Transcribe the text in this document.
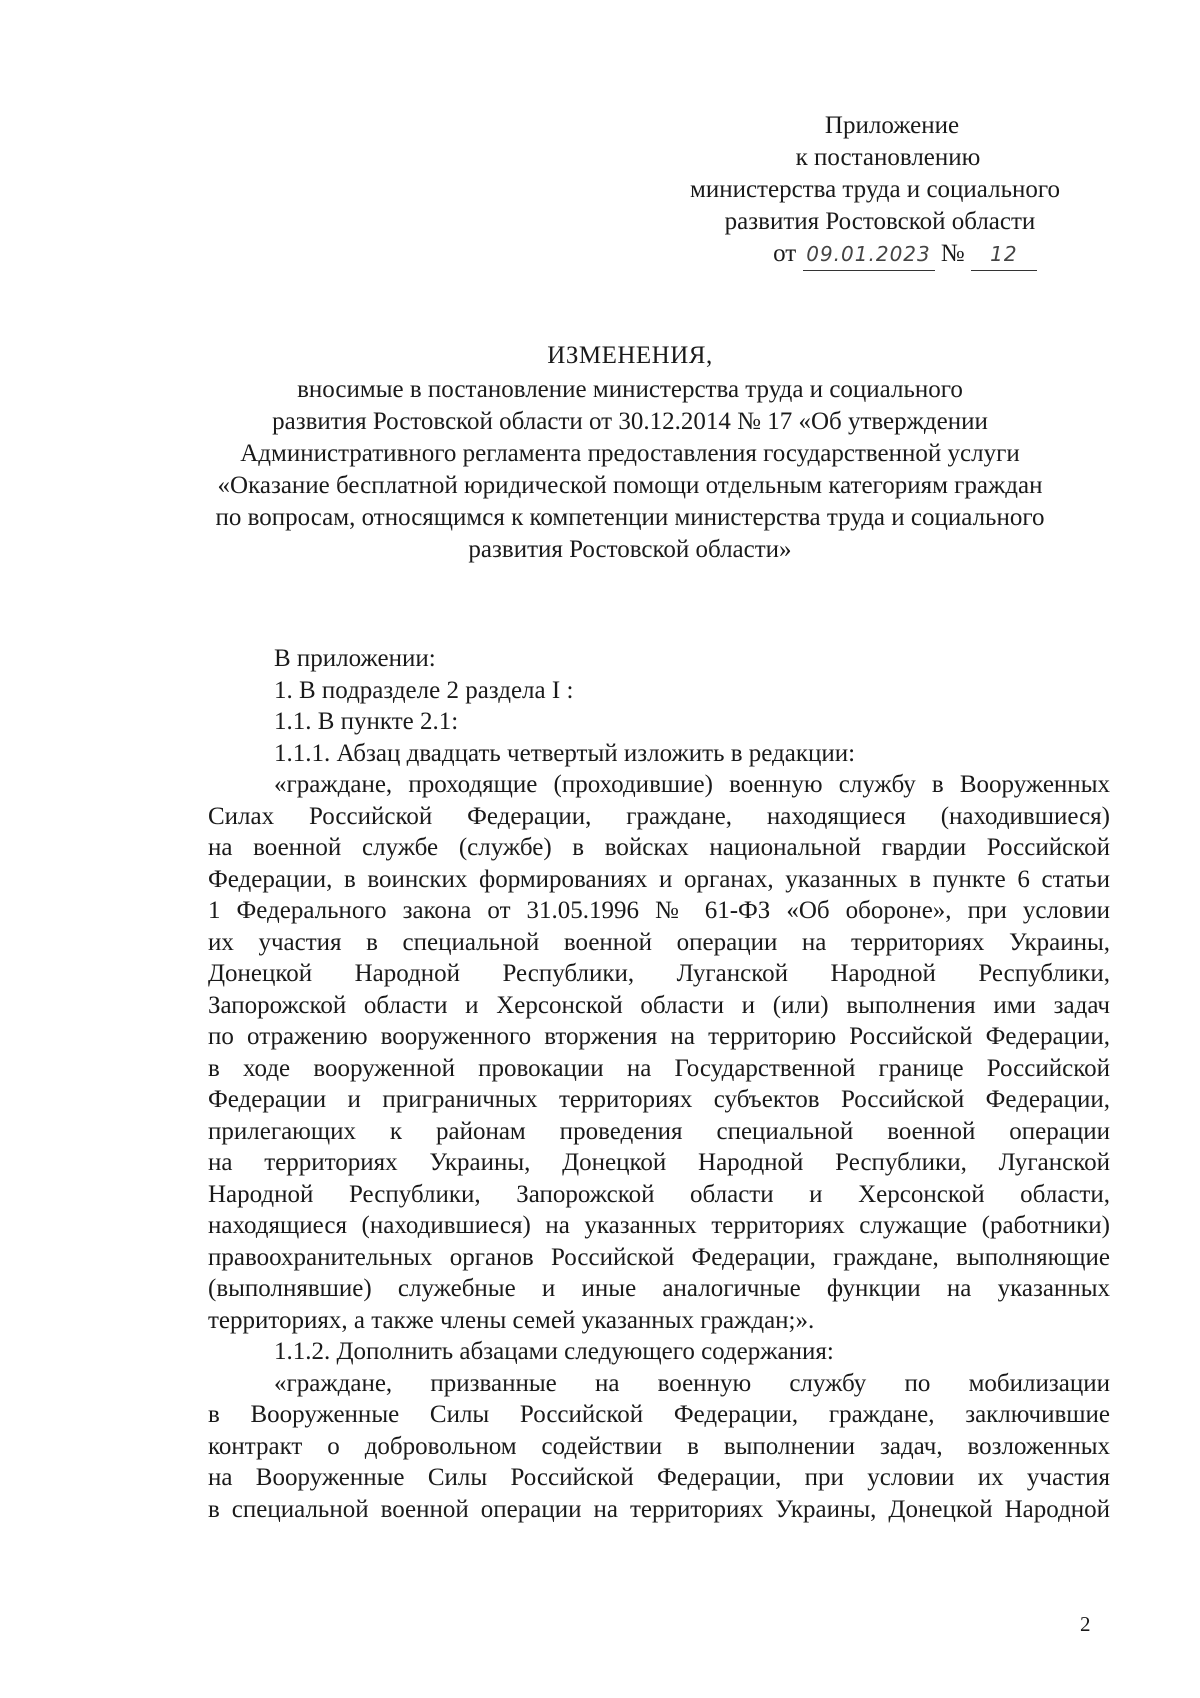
Приложение
к постановлению
министерства труда и социального
развития Ростовской области
от 09.01.2023 № 12
ИЗМЕНЕНИЯ,
вносимые в постановление министерства труда и социального
развития Ростовской области от 30.12.2014 № 17 «Об утверждении
Административного регламента предоставления государственной услуги
«Оказание бесплатной юридической помощи отдельным категориям граждан
по вопросам, относящимся к компетенции министерства труда и социального
развития Ростовской области»
В приложении:
1. В подразделе 2 раздела I :
1.1. В пункте 2.1:
1.1.1. Абзац двадцать четвертый изложить в редакции:
«граждане, проходящие (проходившие) военную службу в Вооруженных
Силах Российской Федерации, граждане, находящиеся (находившиеся)
на военной службе (службе) в войсках национальной гвардии Российской
Федерации, в воинских формированиях и органах, указанных в пункте 6 статьи
1 Федерального закона от 31.05.1996 № 61-ФЗ «Об обороне», при условии
их участия в специальной военной операции на территориях Украины,
Донецкой Народной Республики, Луганской Народной Республики,
Запорожской области и Херсонской области и (или) выполнения ими задач
по отражению вооруженного вторжения на территорию Российской Федерации,
в ходе вооруженной провокации на Государственной границе Российской
Федерации и приграничных территориях субъектов Российской Федерации,
прилегающих к районам проведения специальной военной операции
на территориях Украины, Донецкой Народной Республики, Луганской
Народной Республики, Запорожской области и Херсонской области,
находящиеся (находившиеся) на указанных территориях служащие (работники)
правоохранительных органов Российской Федерации, граждане, выполняющие
(выполнявшие) служебные и иные аналогичные функции на указанных
территориях, а также члены семей указанных граждан;».
1.1.2. Дополнить абзацами следующего содержания:
«граждане, призванные на военную службу по мобилизации
в Вооруженные Силы Российской Федерации, граждане, заключившие
контракт о добровольном содействии в выполнении задач, возложенных
на Вооруженные Силы Российской Федерации, при условии их участия
в специальной военной операции на территориях Украины, Донецкой Народной
2
